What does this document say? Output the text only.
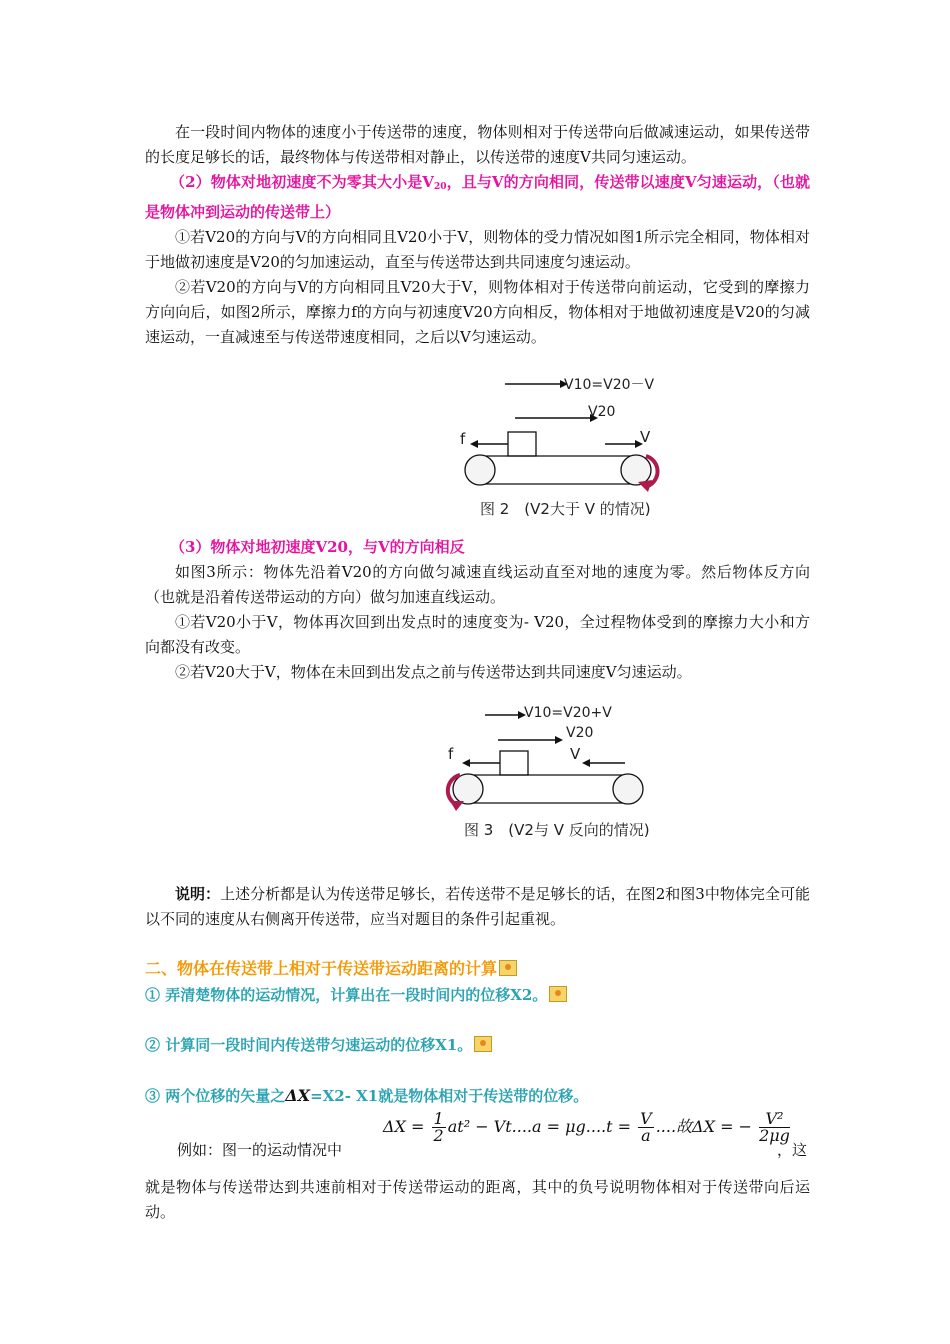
在一段时间内物体的速度小于传送带的速度，物体则相对于传送带向后做减速运动，如果传送带的长度足够长的话，最终物体与传送带相对静止，以传送带的速度V共同匀速运动。

（2）物体对地初速度不为零其大小是$V_{20}$，且与V的方向相同，传送带以速度V匀速运动，（也就是物体冲到运动的传送带上）

①若V20的方向与V的方向相同且V20小于V，则物体的受力情况如图1所示完全相同，物体相对于地做初速度是V20的匀加速运动，直至与传送带达到共同速度匀速运动。

②若V20的方向与V的方向相同且V20大于V，则物体相对于传送带向前运动，它受到的摩擦力方向向后，如图2所示，摩擦力f的方向与初速度V20方向相反，物体相对于地做初速度是V20的匀减速运动，一直减速至与传送带速度相同，之后以V匀速运动。

V10=V20－V
V20
f	V
图 2　(V2大于 V 的情况)

（3）物体对地初速度V20，与V的方向相反

如图3所示：物体先沿着V20的方向做匀减速直线运动直至对地的速度为零。然后物体反方向（也就是沿着传送带运动的方向）做匀加速直线运动。

①若V20小于V，物体再次回到出发点时的速度变为- V20，全过程物体受到的摩擦力大小和方向都没有改变。

②若V20大于V，物体在未回到出发点之前与传送带达到共同速度V匀速运动。

V10=V20+V
V20
f	V
图 3　(V2与 V 反向的情况)

说明：上述分析都是认为传送带足够长，若传送带不是足够长的话，在图2和图3中物体完全可能以不同的速度从右侧离开传送带，应当对题目的条件引起重视。

二、物体在传送带上相对于传送带运动距离的计算

① 弄清楚物体的运动情况，计算出在一段时间内的位移X2。

② 计算同一段时间内传送带匀速运动的位移X1。

③ 两个位移的矢量之ΔX=X2- X1就是物体相对于传送带的位移。

例如：图一的运动情况中
$\Delta X = \frac{1}{2} at^2 - Vt....a = \mu g....t = \frac{V}{a}$ ....故ΔX = − $\frac{\text{V²}}{2\mu g}$
，这

就是物体与传送带达到共速前相对于传送带运动的距离，其中的负号说明物体相对于传送带向后运动。
